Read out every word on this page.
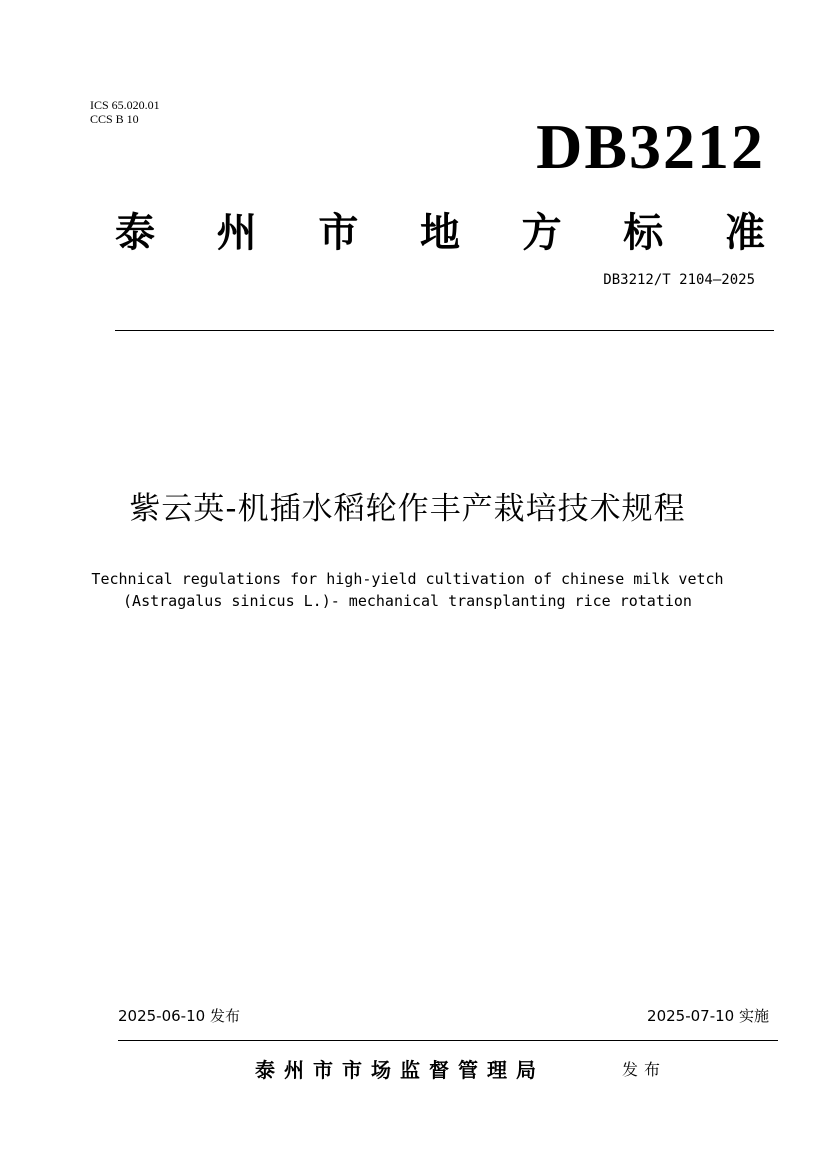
ICS 65.020.01
CCS B 10	DB3212
泰 州 市 地 方 标 准
DB3212/T 2104—2025
紫云英-机插水稻轮作丰产栽培技术规程
Technical regulations for high-yield cultivation of chinese milk vetch
(Astragalus sinicus L.)- mechanical transplanting rice rotation
2025-06-10 发布	2025-07-10 实施
泰州市市场监督管理局	发布
